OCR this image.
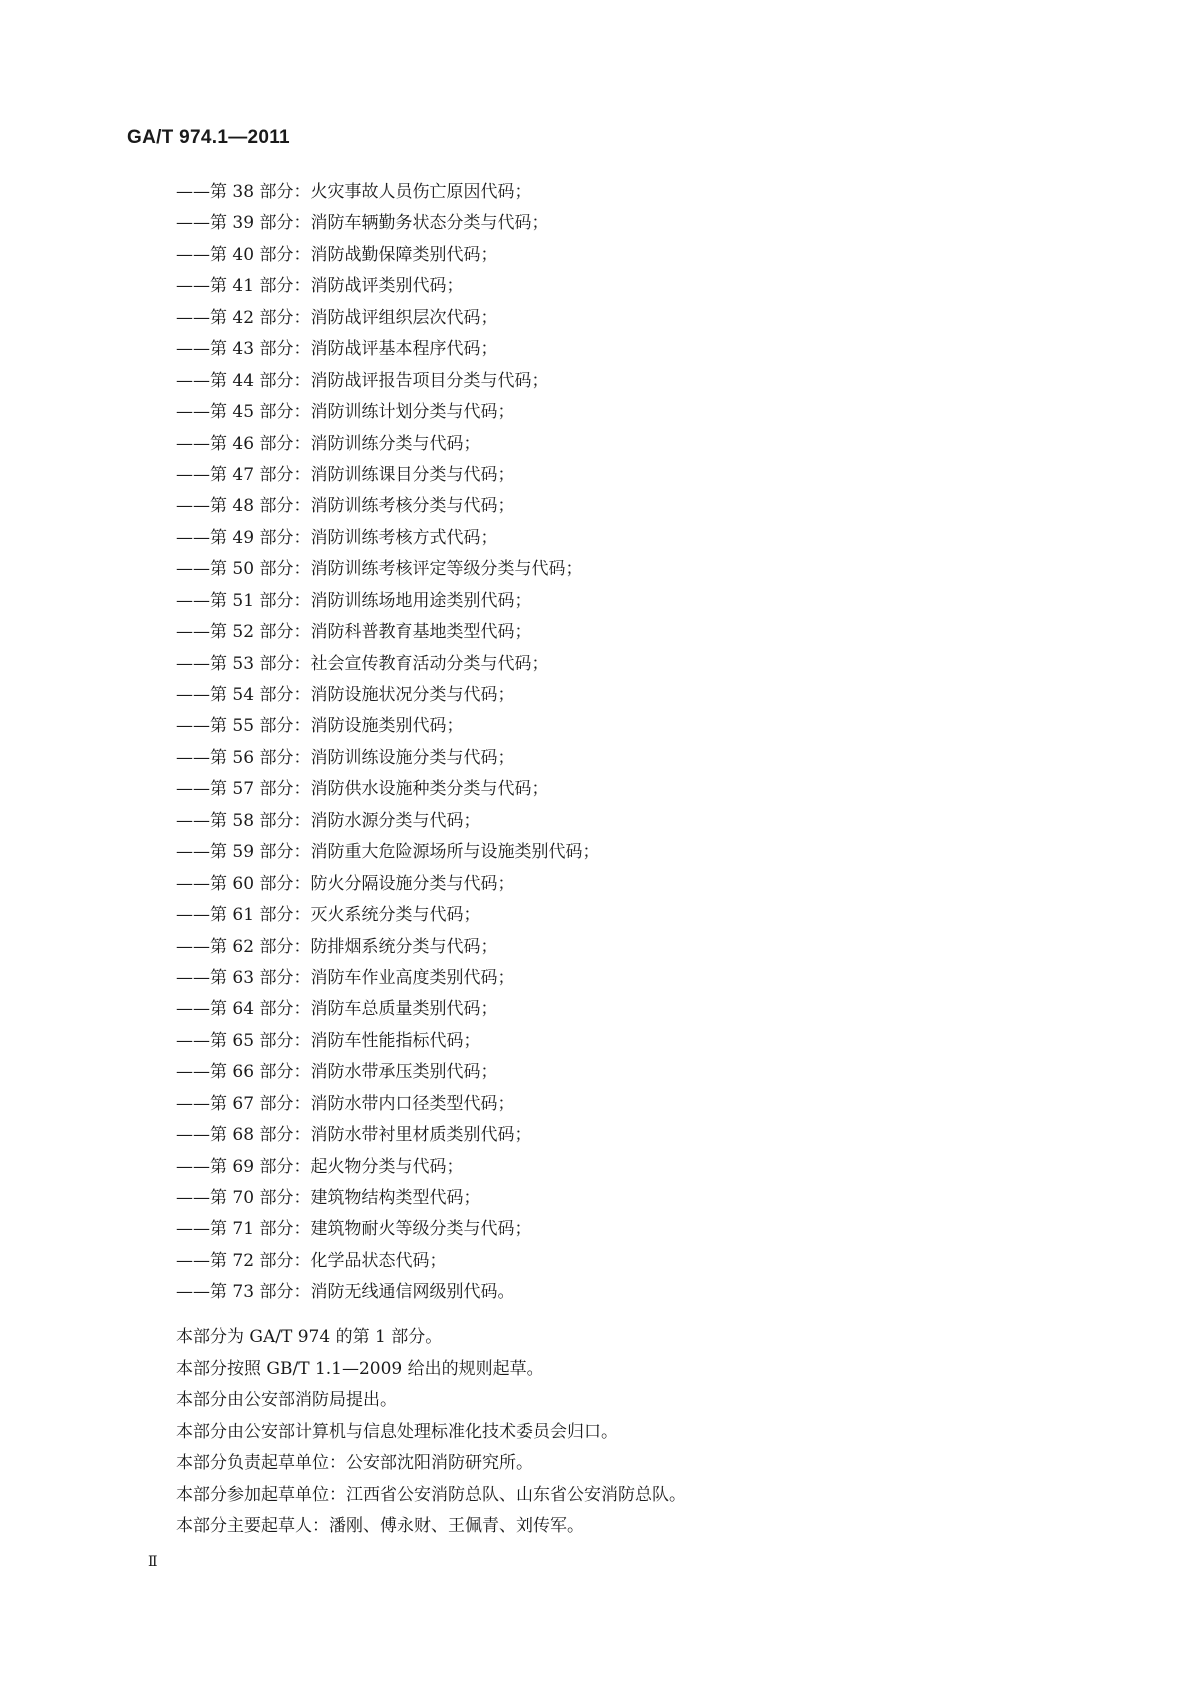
GA/T 974.1—2011
——第 38 部分：火灾事故人员伤亡原因代码；
——第 39 部分：消防车辆勤务状态分类与代码；
——第 40 部分：消防战勤保障类别代码；
——第 41 部分：消防战评类别代码；
——第 42 部分：消防战评组织层次代码；
——第 43 部分：消防战评基本程序代码；
——第 44 部分：消防战评报告项目分类与代码；
——第 45 部分：消防训练计划分类与代码；
——第 46 部分：消防训练分类与代码；
——第 47 部分：消防训练课目分类与代码；
——第 48 部分：消防训练考核分类与代码；
——第 49 部分：消防训练考核方式代码；
——第 50 部分：消防训练考核评定等级分类与代码；
——第 51 部分：消防训练场地用途类别代码；
——第 52 部分：消防科普教育基地类型代码；
——第 53 部分：社会宣传教育活动分类与代码；
——第 54 部分：消防设施状况分类与代码；
——第 55 部分：消防设施类别代码；
——第 56 部分：消防训练设施分类与代码；
——第 57 部分：消防供水设施种类分类与代码；
——第 58 部分：消防水源分类与代码；
——第 59 部分：消防重大危险源场所与设施类别代码；
——第 60 部分：防火分隔设施分类与代码；
——第 61 部分：灭火系统分类与代码；
——第 62 部分：防排烟系统分类与代码；
——第 63 部分：消防车作业高度类别代码；
——第 64 部分：消防车总质量类别代码；
——第 65 部分：消防车性能指标代码；
——第 66 部分：消防水带承压类别代码；
——第 67 部分：消防水带内口径类型代码；
——第 68 部分：消防水带衬里材质类别代码；
——第 69 部分：起火物分类与代码；
——第 70 部分：建筑物结构类型代码；
——第 71 部分：建筑物耐火等级分类与代码；
——第 72 部分：化学品状态代码；
——第 73 部分：消防无线通信网级别代码。

本部分为 GA/T 974 的第 1 部分。

本部分按照 GB/T 1.1—2009 给出的规则起草。

本部分由公安部消防局提出。

本部分由公安部计算机与信息处理标准化技术委员会归口。

本部分负责起草单位：公安部沈阳消防研究所。

本部分参加起草单位：江西省公安消防总队、山东省公安消防总队。

本部分主要起草人：潘刚、傅永财、王佩青、刘传军。

Ⅱ
